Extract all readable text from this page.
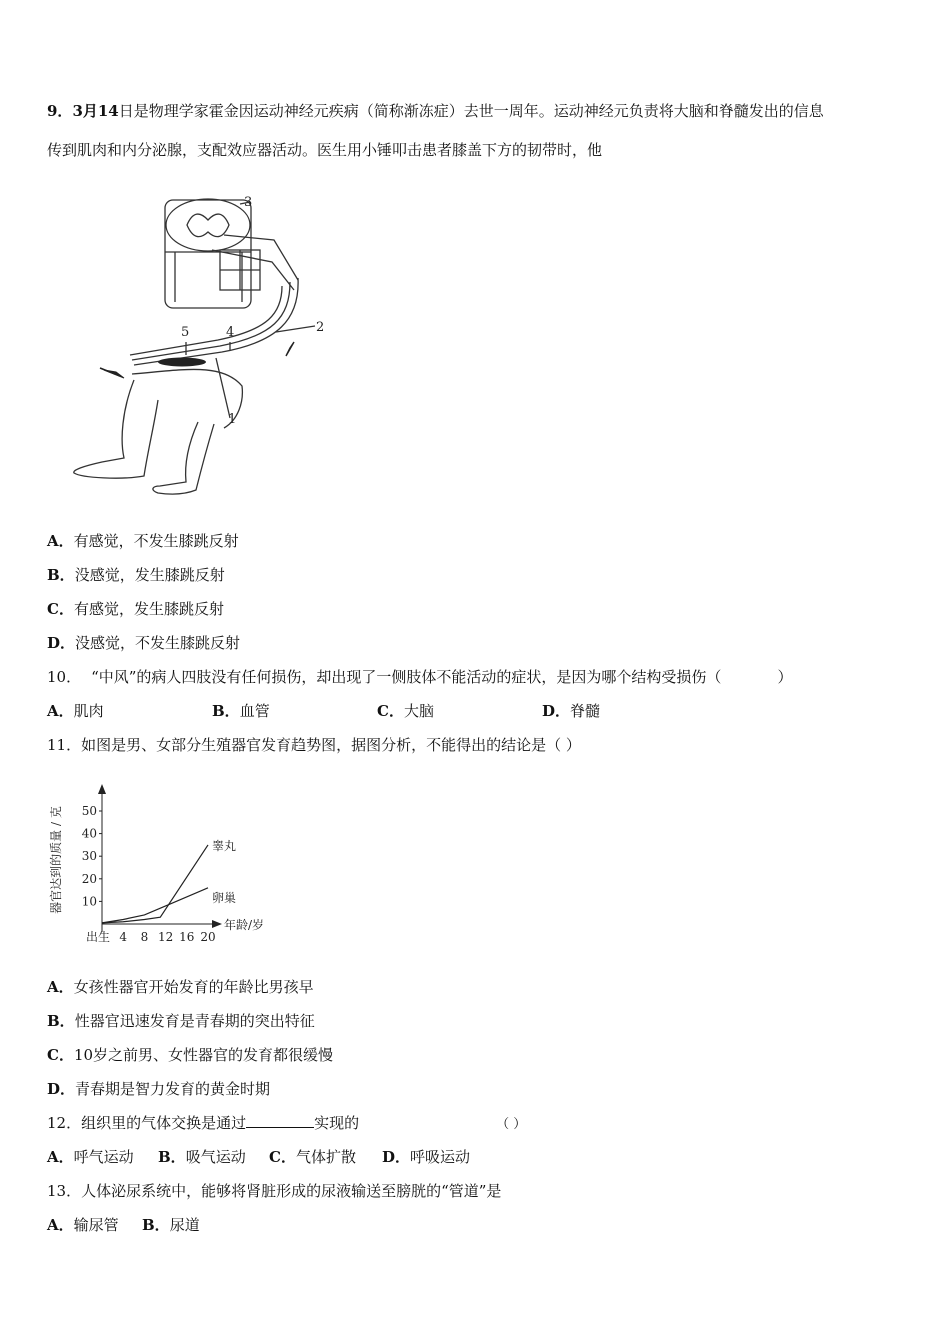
9．3月14日是物理学家霍金因运动神经元疾病（简称渐冻症）去世一周年。运动神经元负责将大脑和脊髓发出的信息
传到肌肉和内分泌腺，支配效应器活动。医生用小锤叩击患者膝盖下方的韧带时，他
3
2
5	4
1
A．有感觉，不发生膝跳反射
B．没感觉，发生膝跳反射
C．有感觉，发生膝跳反射
D．没感觉，不发生膝跳反射
10． “中风”的病人四肢没有任何损伤，却出现了一侧肢体不能活动的症状，是因为哪个结构受损伤（	）
A．肌肉	B．血管	C．大脑	D．脊髓
11．如图是男、女部分生殖器官发育趋势图，据图分析，不能得出的结论是（ ）
器官达到的质量 / 克
年龄/岁
10
20
30
40
50
出生 4 8 12 16 20
睾丸
卵巢
A．女孩性器官开始发育的年龄比男孩早
B．性器官迅速发育是青春期的突出特征
C．10岁之前男、女性器官的发育都很缓慢
D．青春期是智力发育的黄金时期
12．组织里的气体交换是通过	实现的	（ ）
A．呼气运动 B．吸气运动 C．气体扩散 D．呼吸运动
13．人体泌尿系统中，能够将肾脏形成的尿液输送至膀胱的“管道”是
A．输尿管 B．尿道
